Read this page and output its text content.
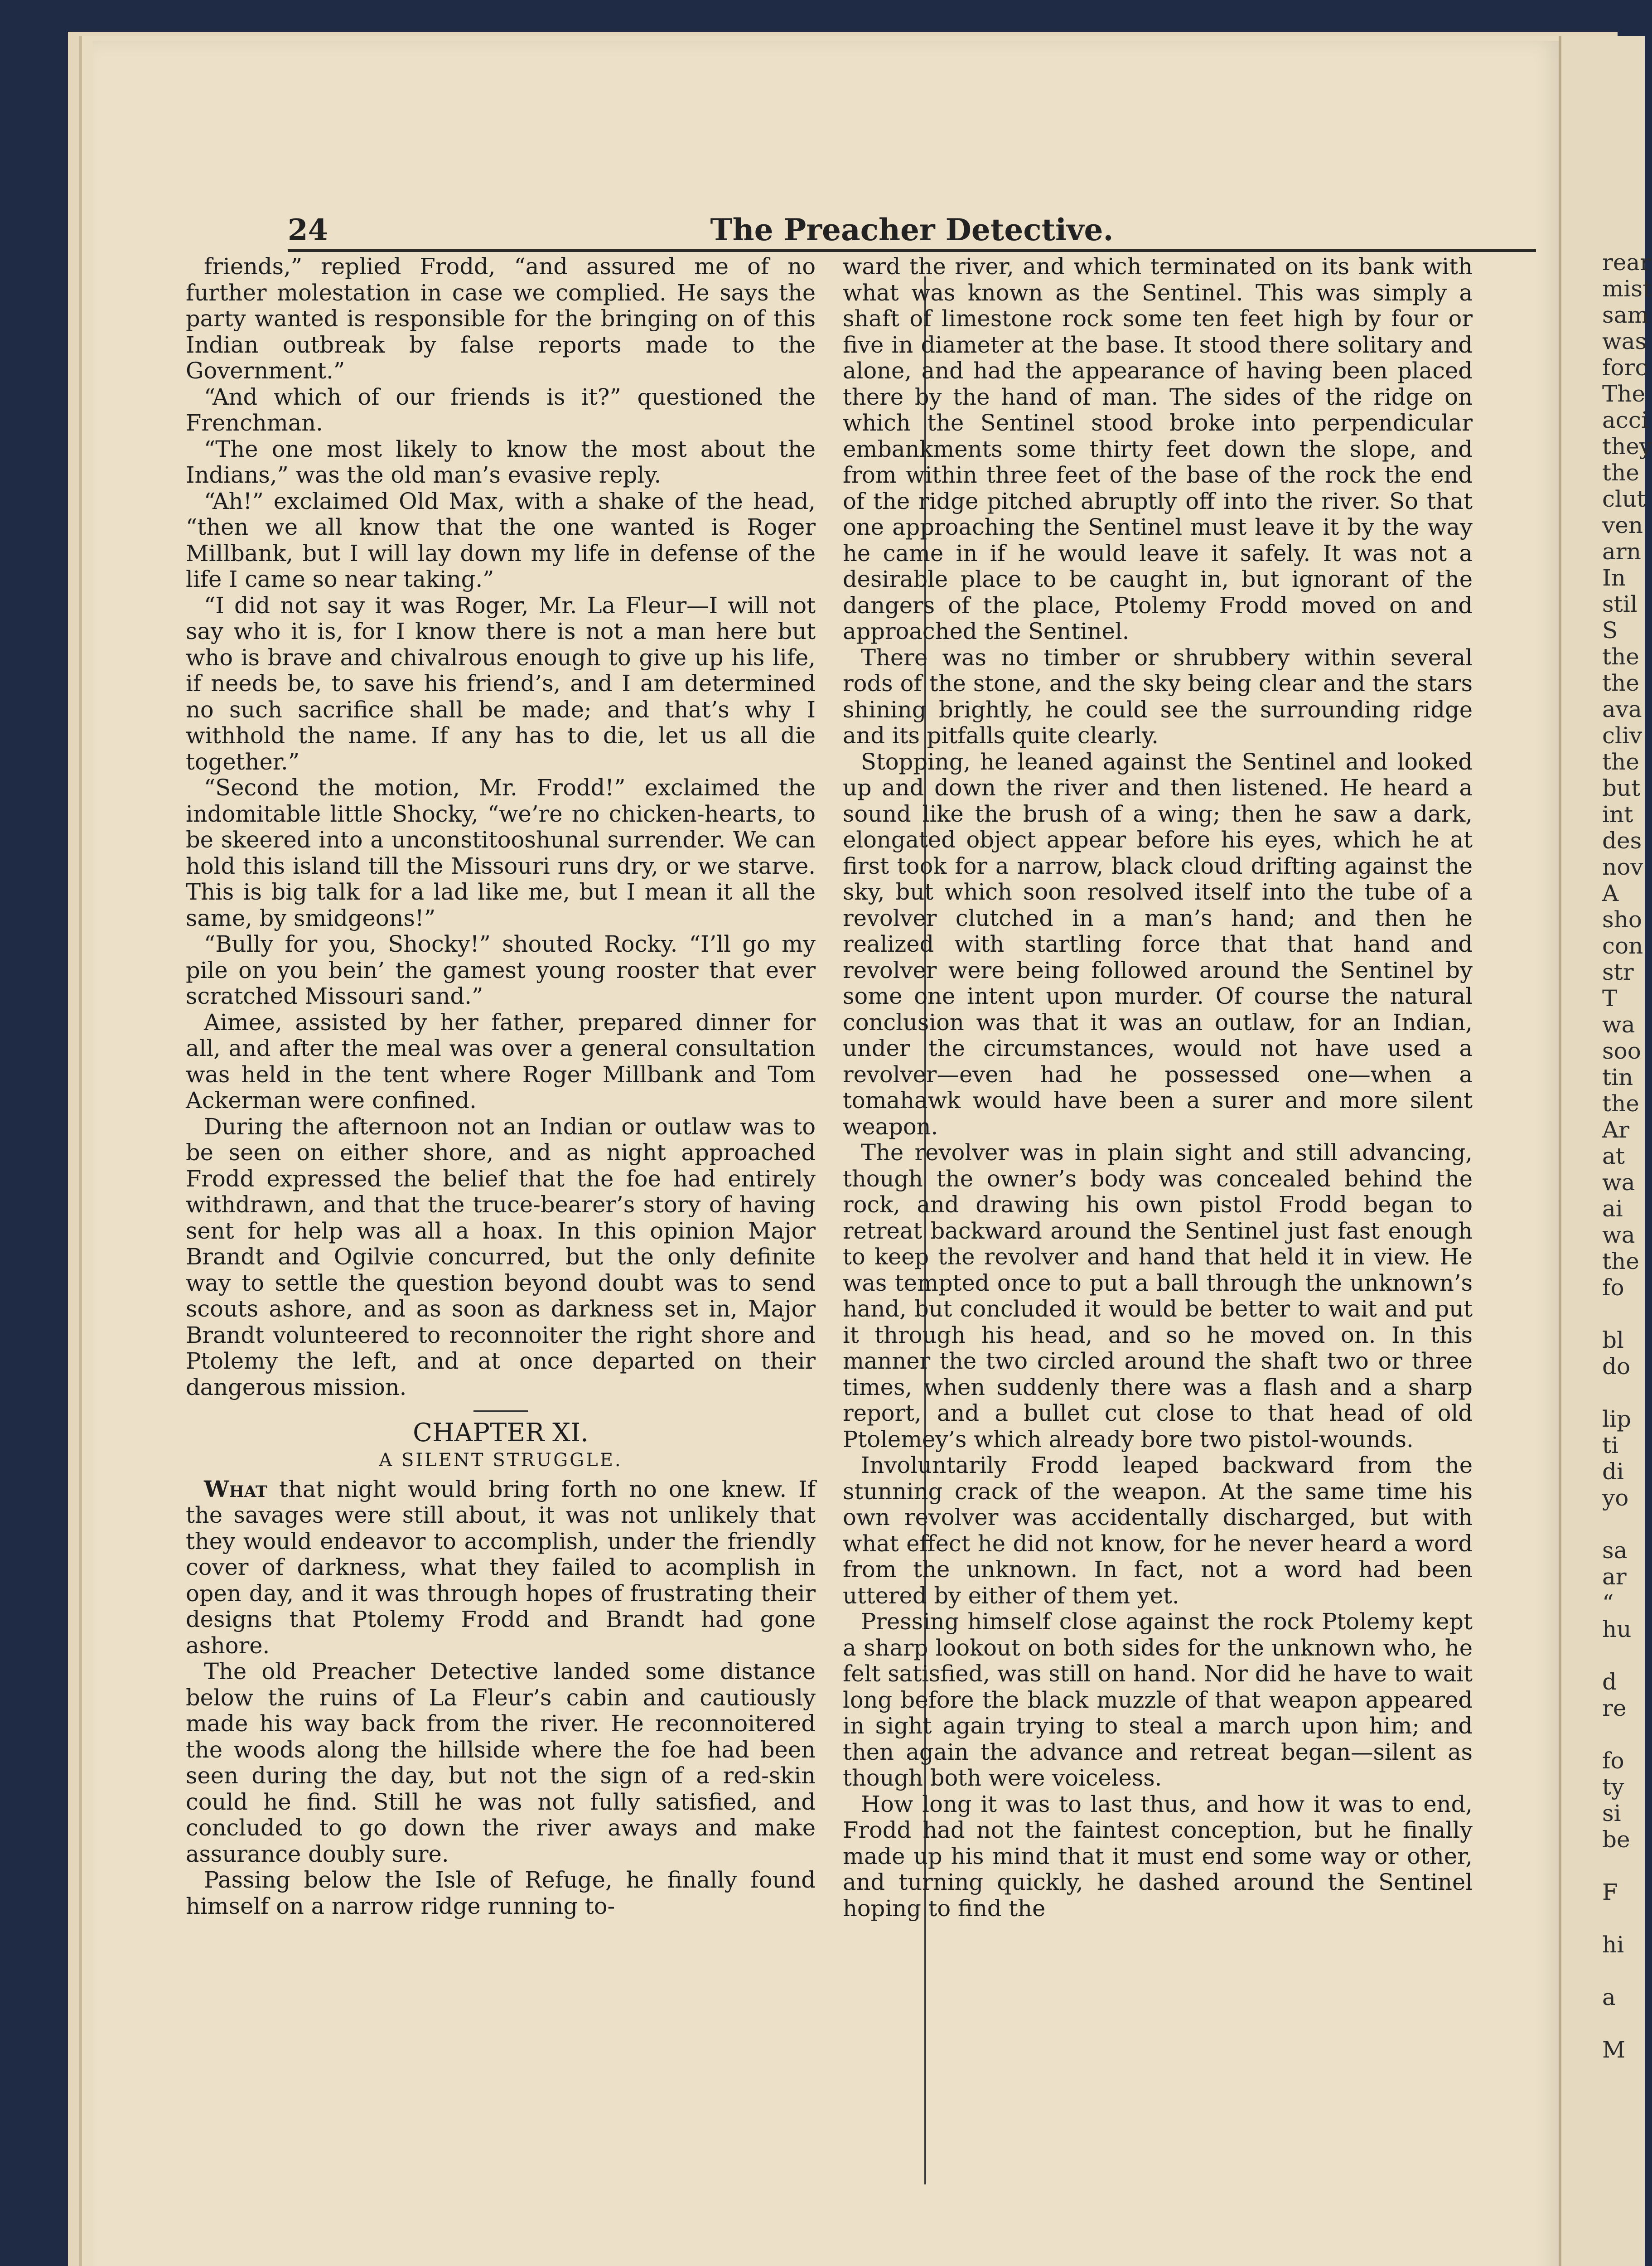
24	The Preacher Detective.

friends,” replied Frodd, “and assured me of no further molestation in case we complied. He says the party wanted is responsible for the bringing on of this Indian outbreak by false reports made to the Government.”

“And which of our friends is it?” questioned the Frenchman.

“The one most likely to know the most about the Indians,” was the old man’s evasive reply.

“Ah!” exclaimed Old Max, with a shake of the head, “then we all know that the one wanted is Roger Millbank, but I will lay down my life in defense of the life I came so near taking.”

“I did not say it was Roger, Mr. La Fleur—I will not say who it is, for I know there is not a man here but who is brave and chivalrous enough to give up his life, if needs be, to save his friend’s, and I am determined no such sacrifice shall be made; and that’s why I withhold the name. If any has to die, let us all die together.”

“Second the motion, Mr. Frodd!” exclaimed the indomitable little Shocky, “we’re no chicken-hearts, to be skeered into a unconstitooshunal surrender. We can hold this island till the Missouri runs dry, or we starve. This is big talk for a lad like me, but I mean it all the same, by smidgeons!”

“Bully for you, Shocky!” shouted Rocky. “I’ll go my pile on you bein’ the gamest young rooster that ever scratched Missouri sand.”

Aimee, assisted by her father, prepared dinner for all, and after the meal was over a general consultation was held in the tent where Roger Millbank and Tom Ackerman were confined.

During the afternoon not an Indian or outlaw was to be seen on either shore, and as night approached Frodd expressed the belief that the foe had entirely withdrawn, and that the truce-bearer’s story of having sent for help was all a hoax. In this opinion Major Brandt and Ogilvie concurred, but the only definite way to settle the question beyond doubt was to send scouts ashore, and as soon as darkness set in, Major Brandt volunteered to reconnoiter the right shore and Ptolemy the left, and at once departed on their dangerous mission.

CHAPTER XI.

A SILENT STRUGGLE.

What that night would bring forth no one knew. If the savages were still about, it was not unlikely that they would endeavor to accomplish, under the friendly cover of darkness, what they failed to acomplish in open day, and it was through hopes of frustrating their designs that Ptolemy Frodd and Brandt had gone ashore.

The old Preacher Detective landed some distance below the ruins of La Fleur’s cabin and cautiously made his way back from the river. He reconnoitered the woods along the hillside where the foe had been seen during the day, but not the sign of a red-skin could he find. Still he was not fully satisfied, and concluded to go down the river aways and make assurance doubly sure.

Passing below the Isle of Refuge, he finally found himself on a narrow ridge running to-

ward the river, and which terminated on its bank with what was known as the Sentinel. This was simply a shaft of limestone rock some ten feet high by four or five in diameter at the base. It stood there solitary and alone, and had the appearance of having been placed there by the hand of man. The sides of the ridge on which the Sentinel stood broke into perpendicular embankments some thirty feet down the slope, and from within three feet of the base of the rock the end of the ridge pitched abruptly off into the river. So that one approaching the Sentinel must leave it by the way he came in if he would leave it safely. It was not a desirable place to be caught in, but ignorant of the dangers of the place, Ptolemy Frodd moved on and approached the Sentinel.

There was no timber or shrubbery within several rods of the stone, and the sky being clear and the stars shining brightly, he could see the surrounding ridge and its pitfalls quite clearly.

Stopping, he leaned against the Sentinel and looked up and down the river and then listened. He heard a sound like the brush of a wing; then he saw a dark, elongated object appear before his eyes, which he at first took for a narrow, black cloud drifting against the sky, but which soon resolved itself into the tube of a revolver clutched in a man’s hand; and then he realized with startling force that that hand and revolver were being followed around the Sentinel by some one intent upon murder. Of course the natural conclusion was that it was an outlaw, for an Indian, under the circumstances, would not have used a revolver—even had he possessed one—when a tomahawk would have been a surer and more silent weapon.

The revolver was in plain sight and still advancing, though the owner’s body was concealed behind the rock, and drawing his own pistol Frodd began to retreat backward around the Sentinel just fast enough to keep the revolver and hand that held it in view. He was tempted once to put a ball through the unknown’s hand, but concluded it would be better to wait and put it through his head, and so he moved on. In this manner the two circled around the shaft two or three times, when suddenly there was a flash and a sharp report, and a bullet cut close to that head of old Ptolemey’s which already bore two pistol-wounds.

Involuntarily Frodd leaped backward from the stunning crack of the weapon. At the same time his own revolver was accidentally discharged, but with what effect he did not know, for he never heard a word from the unknown. In fact, not a word had been uttered by either of them yet.

Pressing himself close against the rock Ptolemy kept a sharp lookout on both sides for the unknown who, he felt satisfied, was still on hand. Nor did he have to wait long before the black muzzle of that weapon appeared in sight again trying to steal a march upon him; and then again the advance and retreat began—silent as though both were voiceless.

How long it was to last thus, and how it was to end, Frodd had not the faintest conception, but he finally made up his mind that it must end some way or other, and turning quickly, he dashed around the Sentinel hoping to find the

rear
mist
sam
was
forc
The
acci
they
the
clut
ven
arn
In
stil
S
the
the
ava
cliv
the
but
int
des
nov
A
sho
con
str
T
wa
soo
tin
the
Ar
at
wa
ai
wa
the
fo

bl
do

lip
ti
di
yo

sa
ar
“
hu

d
re

fo
ty
si
be

F

hi

a

M
